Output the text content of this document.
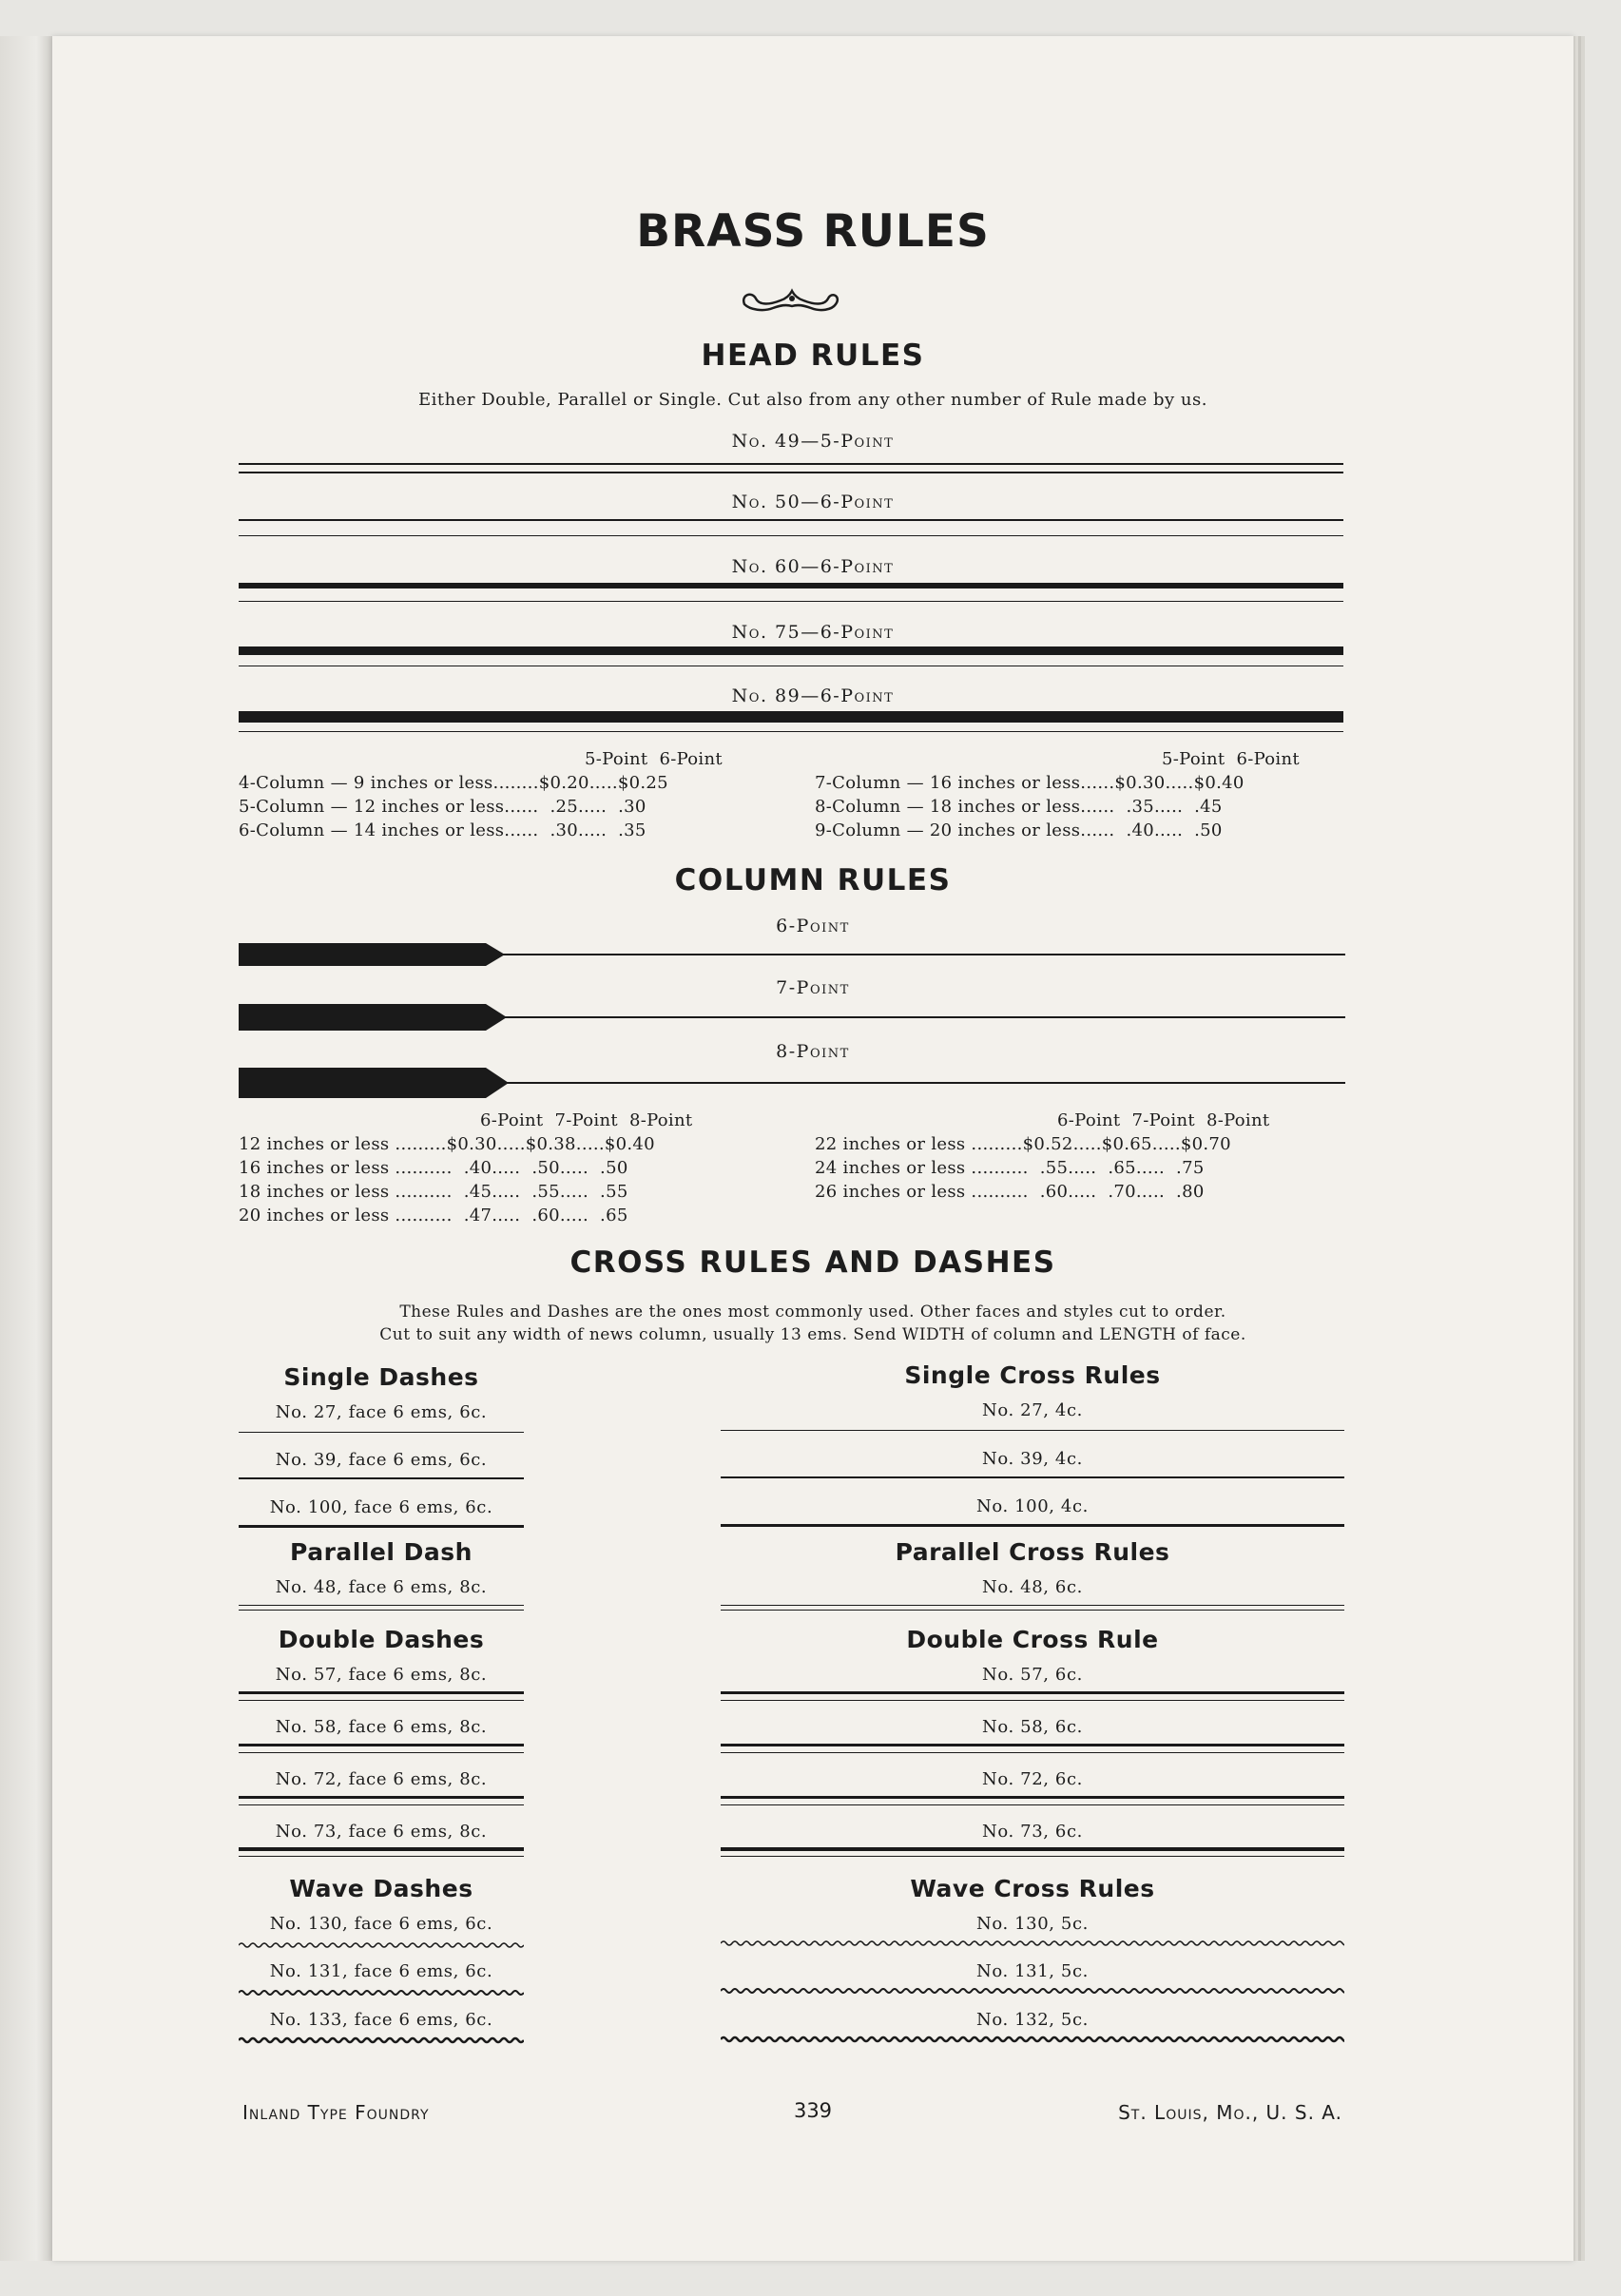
BRASS RULES
HEAD RULES
Either Double, Parallel or Single. Cut also from any other number of Rule made by us.
No. 49—5-Point
No. 50—6-Point
No. 60—6-Point
No. 75—6-Point
No. 89—6-Point
5-Point  6-Point	5-Point  6-Point
4-Column — 9 inches or less........$0.20.....$0.25
5-Column — 12 inches or less......  .25.....  .30
6-Column — 14 inches or less......  .30.....  .35
7-Column — 16 inches or less......$0.30.....$0.40
8-Column — 18 inches or less......  .35.....  .45
9-Column — 20 inches or less......  .40.....  .50
COLUMN RULES
6-Point
7-Point
8-Point
6-Point  7-Point  8-Point	6-Point  7-Point  8-Point
12 inches or less .........$0.30.....$0.38.....$0.40
16 inches or less ..........  .40.....  .50.....  .50
18 inches or less ..........  .45.....  .55.....  .55
20 inches or less ..........  .47.....  .60.....  .65
22 inches or less .........$0.52.....$0.65.....$0.70
24 inches or less ..........  .55.....  .65.....  .75
26 inches or less ..........  .60.....  .70.....  .80
CROSS RULES AND DASHES
These Rules and Dashes are the ones most commonly used. Other faces and styles cut to order.
Cut to suit any width of news column, usually 13 ems. Send WIDTH of column and LENGTH of face.
Single Dashes
No. 27, face 6 ems, 6c.
No. 39, face 6 ems, 6c.
No. 100, face 6 ems, 6c.
Parallel Dash
No. 48, face 6 ems, 8c.
Double Dashes
No. 57, face 6 ems, 8c.
No. 58, face 6 ems, 8c.
No. 72, face 6 ems, 8c.
No. 73, face 6 ems, 8c.
Wave Dashes
No. 130, face 6 ems, 6c.
No. 131, face 6 ems, 6c.
No. 133, face 6 ems, 6c.
Single Cross Rules
No. 27, 4c.
No. 39, 4c.
No. 100, 4c.
Parallel Cross Rules
No. 48, 6c.
Double Cross Rule
No. 57, 6c.
No. 58, 6c.
No. 72, 6c.
No. 73, 6c.
Wave Cross Rules
No. 130, 5c.
No. 131, 5c.
No. 132, 5c.
Inland Type Foundry	339	St. Louis, Mo., U. S. A.
